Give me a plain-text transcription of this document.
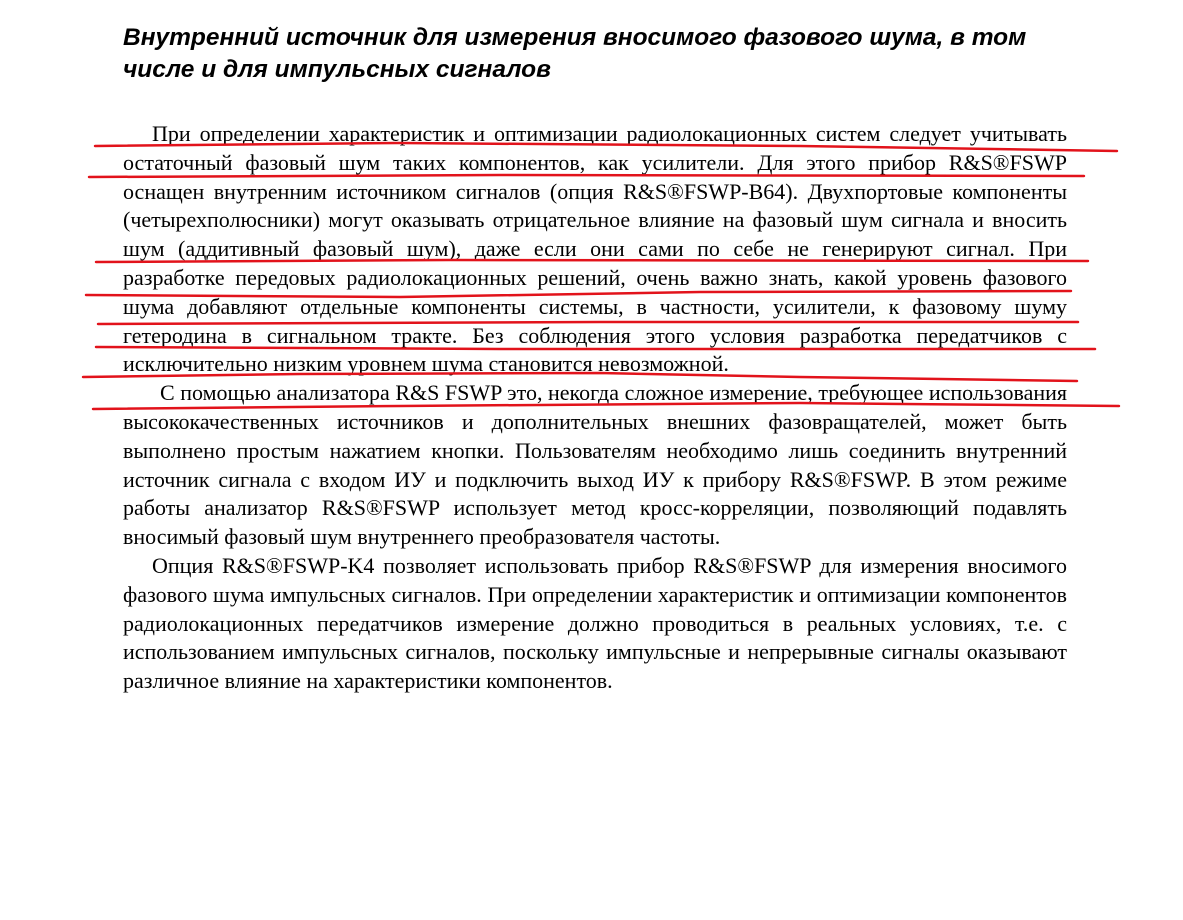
Внутренний источник для измерения вносимого фазового шума, в том числе и для импульсных сигналов

При определении характеристик и оптимизации радиолокационных систем следует учитывать остаточный фазовый шум таких компонентов, как усилители. Для этого прибор R&S®FSWP оснащен внутренним источником сигналов (опция R&S®FSWP-B64). Двухпортовые компоненты (четырехполюсники) могут оказывать отрицательное влияние на фазовый шум сигнала и вносить шум (аддитивный фазовый шум), даже если они сами по себе не генерируют сигнал. При разработке передовых радиолокационных решений, очень важно знать, какой уровень фазового шума добавляют отдельные компоненты системы, в частности, усилители, к фазовому шуму гетеродина в сигнальном тракте. Без соблюдения этого условия разработка передатчиков с исключительно низким уровнем шума становится невозможной.

С помощью анализатора R&S FSWP это, некогда сложное измерение, требующее использования высококачественных источников и дополнительных внешних фазовращателей, может быть выполнено простым нажатием кнопки. Пользователям необходимо лишь соединить внутренний источник сигнала с входом ИУ и подключить выход ИУ к прибору R&S®FSWP. В этом режиме работы анализатор R&S®FSWP использует метод кросс-корреляции, позволяющий подавлять вносимый фазовый шум внутреннего преобразователя частоты.

Опция R&S®FSWP-K4 позволяет использовать прибор R&S®FSWP для измерения вносимого фазового шума импульсных сигналов. При определении характеристик и оптимизации компонентов радиолокационных передатчиков измерение должно проводиться в реальных условиях, т.е. с использованием импульсных сигналов, поскольку импульсные и непрерывные сигналы оказывают различное влияние на характеристики компонентов.
